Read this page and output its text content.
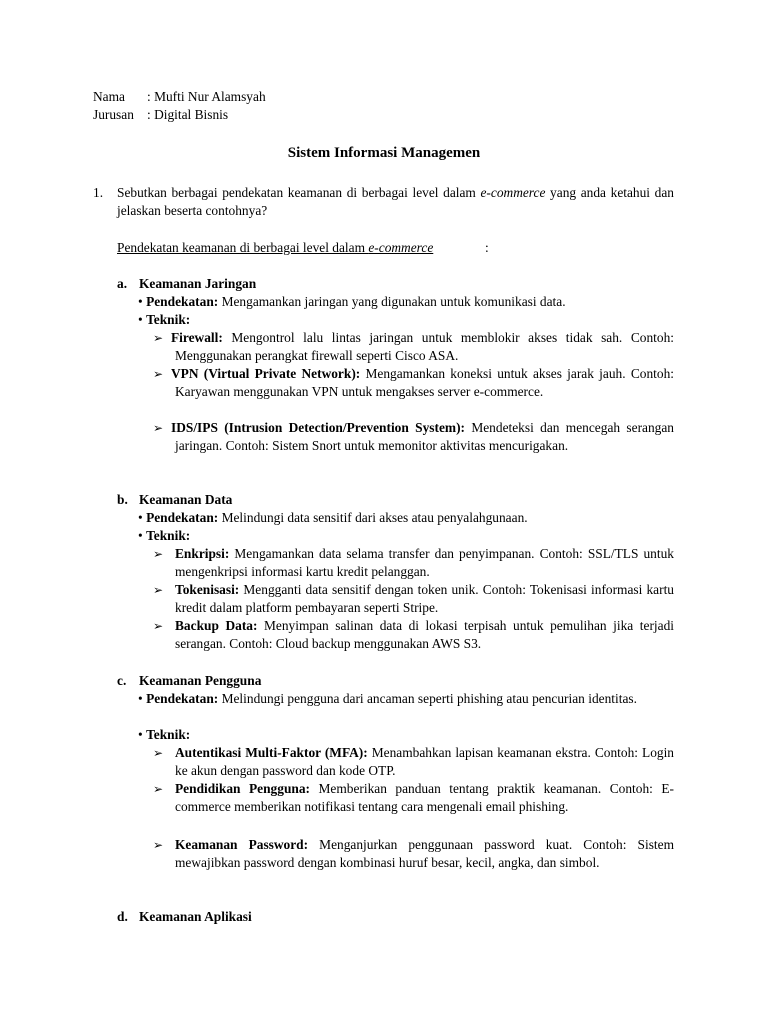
Nama : Mufti Nur Alamsyah
Jurusan : Digital Bisnis
Sistem Informasi Managemen
1. Sebutkan berbagai pendekatan keamanan di berbagai level dalam e-commerce yang anda ketahui dan jelaskan beserta contohnya?
Pendekatan keamanan di berbagai level dalam e-commerce	:
a. Keamanan Jaringan
• Pendekatan: Mengamankan jaringan yang digunakan untuk komunikasi data.
• Teknik:
➢ Firewall: Mengontrol lalu lintas jaringan untuk memblokir akses tidak sah. Contoh: Menggunakan perangkat firewall seperti Cisco ASA.
➢ VPN (Virtual Private Network): Mengamankan koneksi untuk akses jarak jauh. Contoh: Karyawan menggunakan VPN untuk mengakses server e-commerce.
➢ IDS/IPS (Intrusion Detection/Prevention System): Mendeteksi dan mencegah serangan jaringan. Contoh: Sistem Snort untuk memonitor aktivitas mencurigakan.
b. Keamanan Data
• Pendekatan: Melindungi data sensitif dari akses atau penyalahgunaan.
• Teknik:
➢ Enkripsi: Mengamankan data selama transfer dan penyimpanan. Contoh: SSL/TLS untuk mengenkripsi informasi kartu kredit pelanggan.
➢ Tokenisasi: Mengganti data sensitif dengan token unik. Contoh: Tokenisasi informasi kartu kredit dalam platform pembayaran seperti Stripe.
➢ Backup Data: Menyimpan salinan data di lokasi terpisah untuk pemulihan jika terjadi serangan. Contoh: Cloud backup menggunakan AWS S3.
c. Keamanan Pengguna
• Pendekatan: Melindungi pengguna dari ancaman seperti phishing atau pencurian identitas.
• Teknik:
➢ Autentikasi Multi-Faktor (MFA): Menambahkan lapisan keamanan ekstra. Contoh: Login ke akun dengan password dan kode OTP.
➢ Pendidikan Pengguna: Memberikan panduan tentang praktik keamanan. Contoh: E-commerce memberikan notifikasi tentang cara mengenali email phishing.
➢ Keamanan Password: Menganjurkan penggunaan password kuat. Contoh: Sistem mewajibkan password dengan kombinasi huruf besar, kecil, angka, dan simbol.
d. Keamanan Aplikasi
